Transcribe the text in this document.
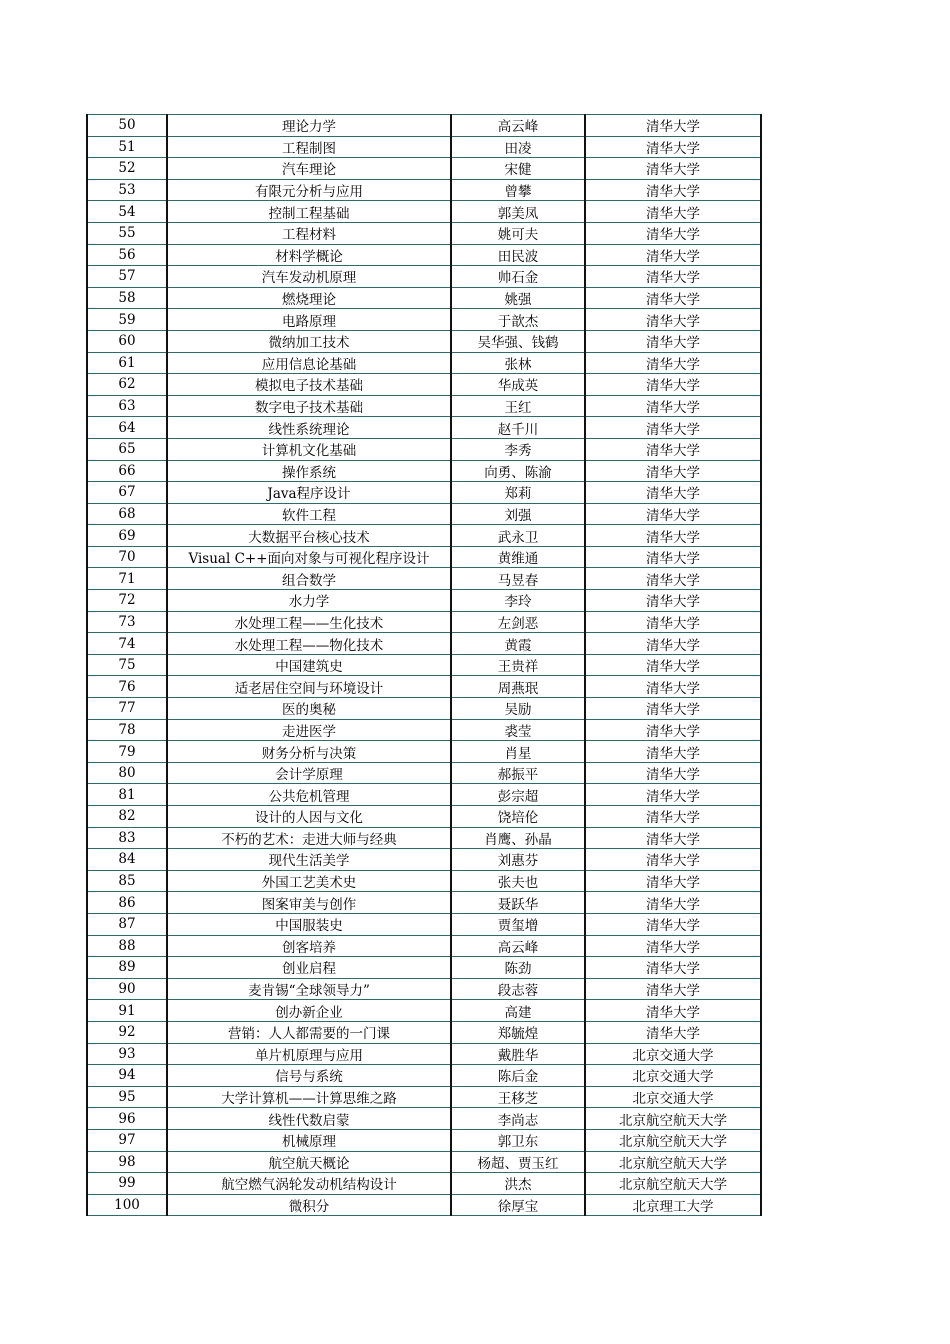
50	理论力学	高云峰	清华大学
51	工程制图	田凌	清华大学
52	汽车理论	宋健	清华大学
53	有限元分析与应用	曾攀	清华大学
54	控制工程基础	郭美凤	清华大学
55	工程材料	姚可夫	清华大学
56	材料学概论	田民波	清华大学
57	汽车发动机原理	帅石金	清华大学
58	燃烧理论	姚强	清华大学
59	电路原理	于歆杰	清华大学
60	微纳加工技术	吴华强、钱鹤	清华大学
61	应用信息论基础	张林	清华大学
62	模拟电子技术基础	华成英	清华大学
63	数字电子技术基础	王红	清华大学
64	线性系统理论	赵千川	清华大学
65	计算机文化基础	李秀	清华大学
66	操作系统	向勇、陈渝	清华大学
67	Java程序设计	郑莉	清华大学
68	软件工程	刘强	清华大学
69	大数据平台核心技术	武永卫	清华大学
70	Visual C++面向对象与可视化程序设计	黄维通	清华大学
71	组合数学	马昱春	清华大学
72	水力学	李玲	清华大学
73	水处理工程——生化技术	左剑恶	清华大学
74	水处理工程——物化技术	黄霞	清华大学
75	中国建筑史	王贵祥	清华大学
76	适老居住空间与环境设计	周燕珉	清华大学
77	医的奥秘	吴励	清华大学
78	走进医学	裘莹	清华大学
79	财务分析与决策	肖星	清华大学
80	会计学原理	郝振平	清华大学
81	公共危机管理	彭宗超	清华大学
82	设计的人因与文化	饶培伦	清华大学
83	不朽的艺术：走进大师与经典	肖鹰、孙晶	清华大学
84	现代生活美学	刘惠芬	清华大学
85	外国工艺美术史	张夫也	清华大学
86	图案审美与创作	聂跃华	清华大学
87	中国服装史	贾玺增	清华大学
88	创客培养	高云峰	清华大学
89	创业启程	陈劲	清华大学
90	麦肯锡“全球领导力”	段志蓉	清华大学
91	创办新企业	高建	清华大学
92	营销：人人都需要的一门课	郑毓煌	清华大学
93	单片机原理与应用	戴胜华	北京交通大学
94	信号与系统	陈后金	北京交通大学
95	大学计算机——计算思维之路	王移芝	北京交通大学
96	线性代数启蒙	李尚志	北京航空航天大学
97	机械原理	郭卫东	北京航空航天大学
98	航空航天概论	杨超、贾玉红	北京航空航天大学
99	航空燃气涡轮发动机结构设计	洪杰	北京航空航天大学
100	微积分	徐厚宝	北京理工大学
